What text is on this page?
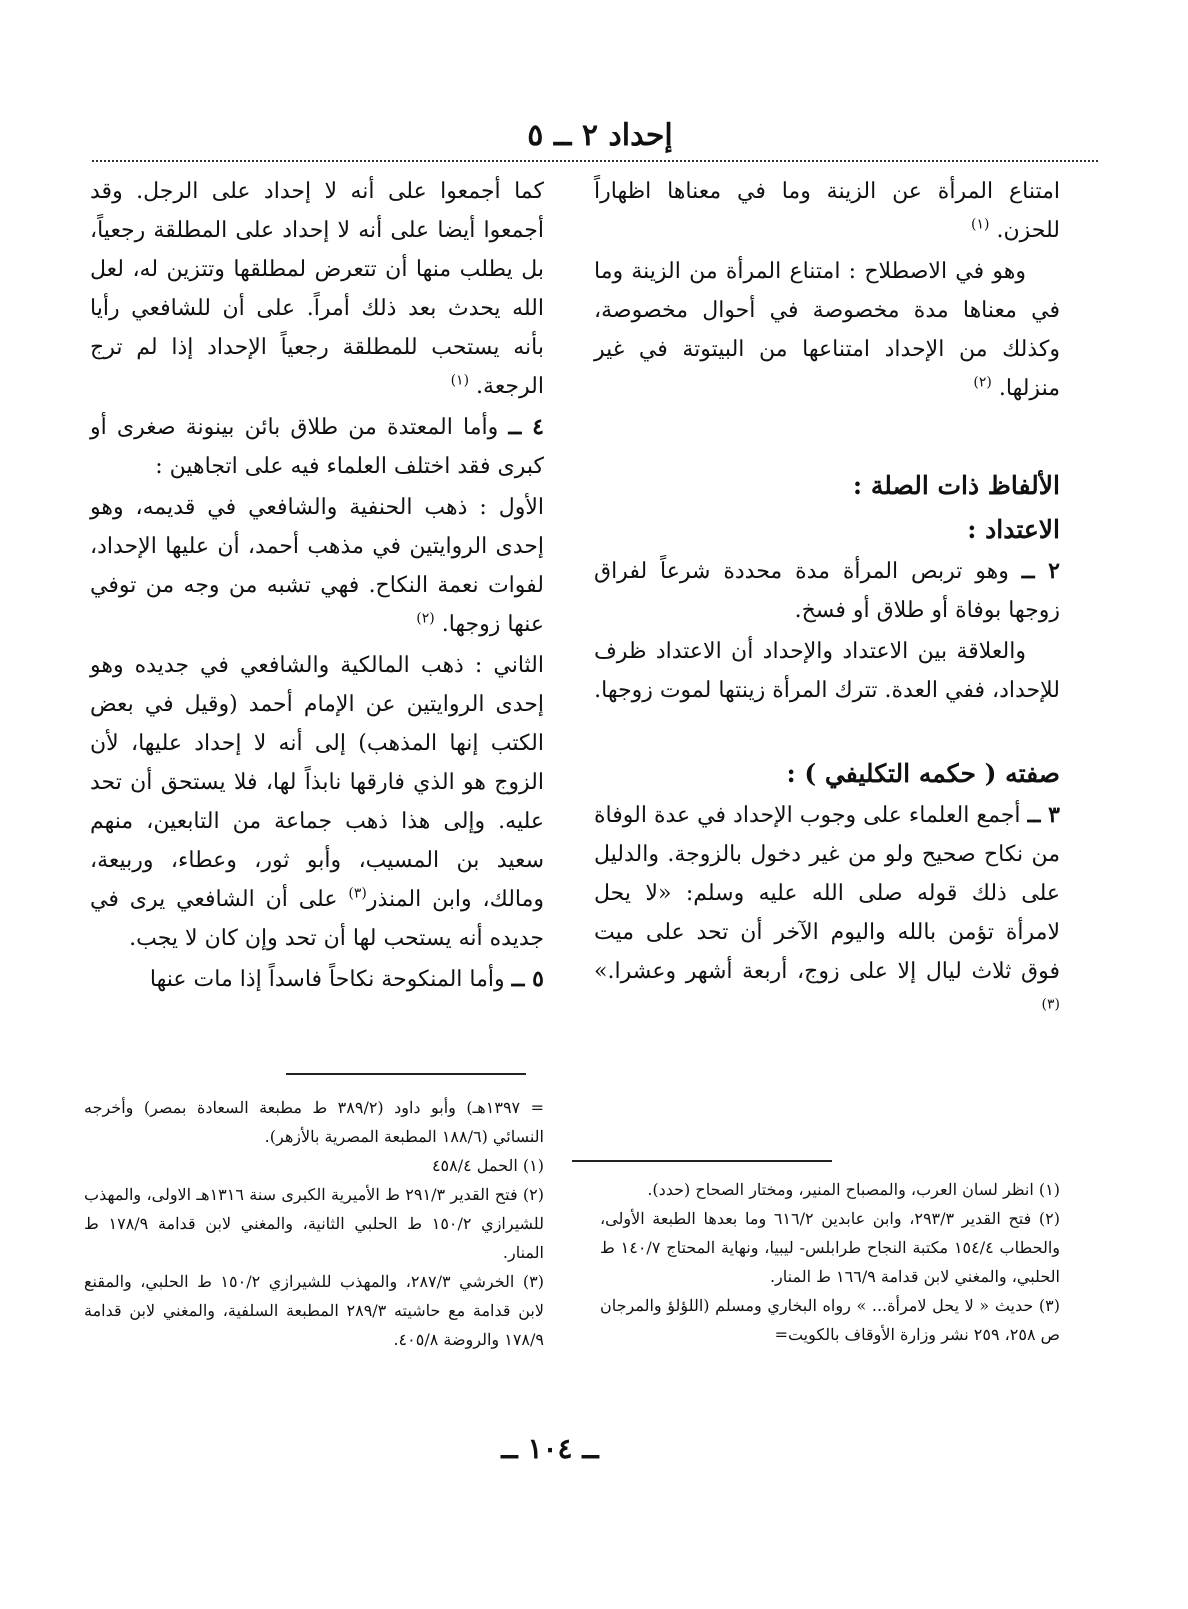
إحداد ٢ ــ ٥

امتناع المرأة عن الزينة وما في معناها اظهاراً للحزن. $^{(١)}$

وهو في الاصطلاح : امتناع المرأة من الزينة وما في معناها مدة مخصوصة في أحوال مخصوصة، وكذلك من الإحداد امتناعها من البيتوتة في غير منزلها. $^{(٢)}$

الألفاظ ذات الصلة :

الاعتداد :

٢ ــ وهو تربص المرأة مدة محددة شرعاً لفراق زوجها بوفاة أو طلاق أو فسخ.

والعلاقة بين الاعتداد والإحداد أن الاعتداد ظرف للإحداد، ففي العدة. تترك المرأة زينتها لموت زوجها.

صفته ( حكمه التكليفي ) :

٣ ــ أجمع العلماء على وجوب الإحداد في عدة الوفاة من نكاح صحيح ولو من غير دخول بالزوجة. والدليل على ذلك قوله صلى الله عليه وسلم: «لا يحل لامرأة تؤمن بالله واليوم الآخر أن تحد على ميت فوق ثلاث ليال إلا على زوج، أربعة أشهر وعشرا.» $^{(٣)}$

كما أجمعوا على أنه لا إحداد على الرجل. وقد أجمعوا أيضا على أنه لا إحداد على المطلقة رجعياً، بل يطلب منها أن تتعرض لمطلقها وتتزين له، لعل الله يحدث بعد ذلك أمراً. على أن للشافعي رأيا بأنه يستحب للمطلقة رجعياً الإحداد إذا لم ترج الرجعة. $^{(١)}$

٤ ــ وأما المعتدة من طلاق بائن بينونة صغرى أو كبرى فقد اختلف العلماء فيه على اتجاهين :

الأول : ذهب الحنفية والشافعي في قديمه، وهو إحدى الروايتين في مذهب أحمد، أن عليها الإحداد، لفوات نعمة النكاح. فهي تشبه من وجه من توفي عنها زوجها. $^{(٢)}$

الثاني : ذهب المالكية والشافعي في جديده وهو إحدى الروايتين عن الإمام أحمد (وقيل في بعض الكتب إنها المذهب) إلى أنه لا إحداد عليها، لأن الزوج هو الذي فارقها نابذاً لها، فلا يستحق أن تحد عليه. وإلى هذا ذهب جماعة من التابعين، منهم سعيد بن المسيب، وأبو ثور، وعطاء، وربيعة، ومالك، وابن المنذر$^{(٣)}$ على أن الشافعي يرى في جديده أنه يستحب لها أن تحد وإن كان لا يجب.

٥ ــ وأما المنكوحة نكاحاً فاسداً إذا مات عنها

(١) انظر لسان العرب، والمصباح المنير، ومختار الصحاح (حدد).

(٢) فتح القدير ٢٩٣/٣، وابن عابدين ٦١٦/٢ وما بعدها الطبعة الأولى، والحطاب ١٥٤/٤ مكتبة النجاح طرابلس- ليبيا، ونهاية المحتاج ١٤٠/٧ ط الحلبي، والمغني لابن قدامة ١٦٦/٩ ط المنار.

(٣) حديث « لا يحل لامرأة... » رواه البخاري ومسلم (اللؤلؤ والمرجان ص ٢٥٨، ٢٥٩ نشر وزارة الأوقاف بالكويت=

= ١٣٩٧هـ) وأبو داود (٣٨٩/٢ ط مطبعة السعادة بمصر) وأخرجه النسائي (١٨٨/٦ المطبعة المصرية بالأزهر).

(١) الحمل ٤٥٨/٤

(٢) فتح القدير ٢٩١/٣ ط الأميرية الكبرى سنة ١٣١٦هـ الاولى، والمهذب للشيرازي ١٥٠/٢ ط الحلبي الثانية، والمغني لابن قدامة ١٧٨/٩ ط المنار.

(٣) الخرشي ٢٨٧/٣، والمهذب للشيرازي ١٥٠/٢ ط الحلبي، والمقنع لابن قدامة مع حاشيته ٢٨٩/٣ المطبعة السلفية، والمغني لابن قدامة ١٧٨/٩ والروضة ٤٠٥/٨.

ــ ١٠٤ ــ
